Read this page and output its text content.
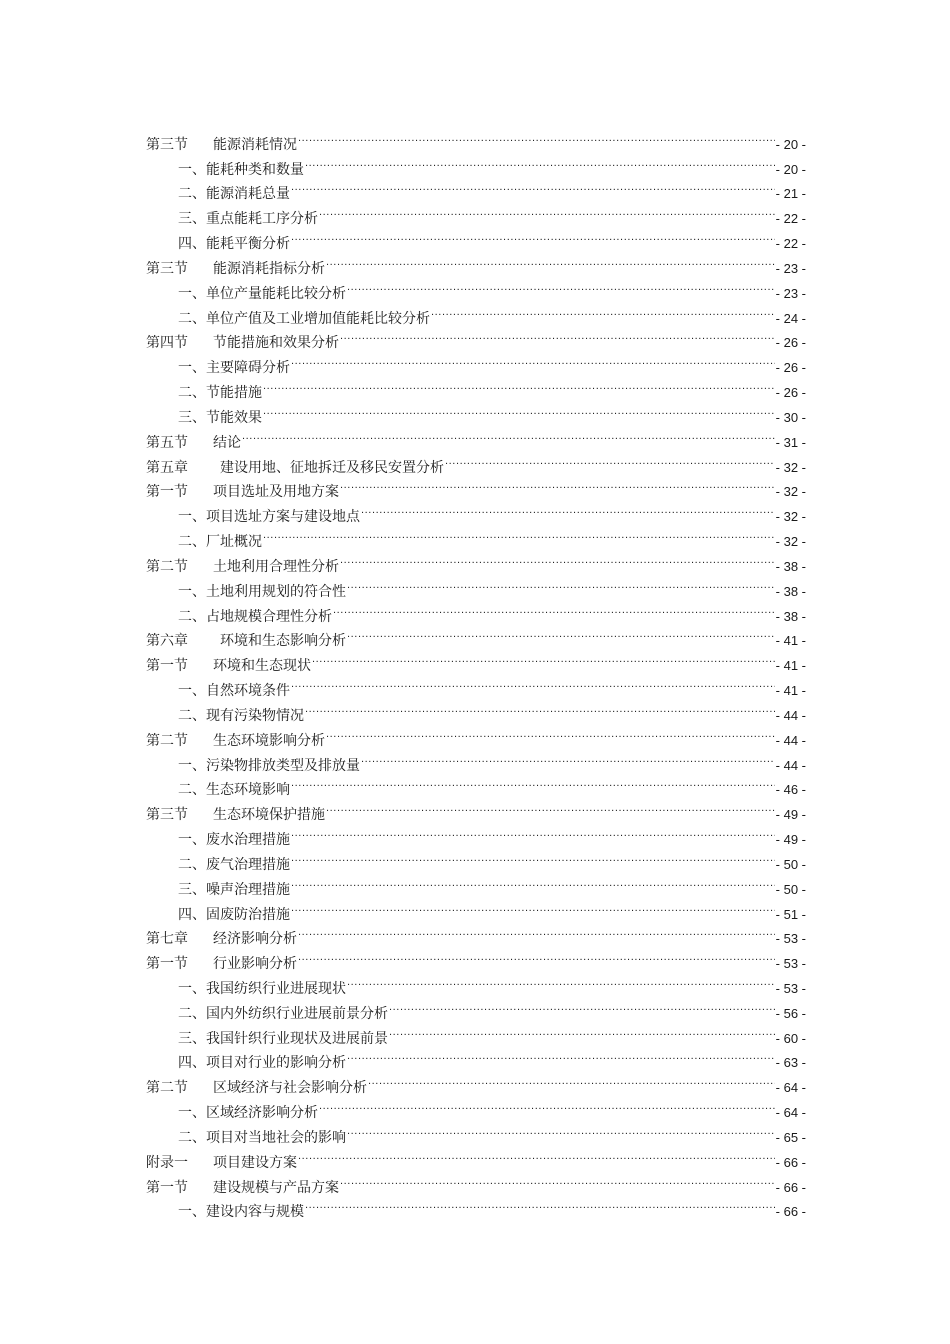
第三节	能源消耗情况 .....	- 20 -
一、能耗种类和数量 .....	- 20 -
二、能源消耗总量 .....	- 21 -
三、重点能耗工序分析 .....	- 22 -
四、能耗平衡分析 .....	- 22 -
第三节	能源消耗指标分析 .....	- 23 -
一、单位产量能耗比较分析 .....	- 23 -
二、单位产值及工业增加值能耗比较分析 .....	- 24 -
第四节	节能措施和效果分析 .....	- 26 -
一、主要障碍分析 .....	- 26 -
二、节能措施 .....	- 26 -
三、节能效果 .....	- 30 -
第五节	结论 .....	- 31 -
第五章	建设用地、征地拆迁及移民安置分析 .....	- 32 -
第一节	项目选址及用地方案 .....	- 32 -
一、项目选址方案与建设地点 .....	- 32 -
二、厂址概况 .....	- 32 -
第二节	土地利用合理性分析 .....	- 38 -
一、土地利用规划的符合性 .....	- 38 -
二、占地规模合理性分析 .....	- 38 -
第六章	环境和生态影响分析 .....	- 41 -
第一节	环境和生态现状 .....	- 41 -
一、自然环境条件 .....	- 41 -
二、现有污染物情况 .....	- 44 -
第二节	生态环境影响分析 .....	- 44 -
一、污染物排放类型及排放量 .....	- 44 -
二、生态环境影响 .....	- 46 -
第三节	生态环境保护措施 .....	- 49 -
一、废水治理措施 .....	- 49 -
二、废气治理措施 .....	- 50 -
三、噪声治理措施 .....	- 50 -
四、固废防治措施 .....	- 51 -
第七章	经济影响分析 .....	- 53 -
第一节	行业影响分析 .....	- 53 -
一、我国纺织行业进展现状 .....	- 53 -
二、国内外纺织行业进展前景分析 .....	- 56 -
三、我国针织行业现状及进展前景 .....	- 60 -
四、项目对行业的影响分析 .....	- 63 -
第二节	区域经济与社会影响分析 .....	- 64 -
一、区域经济影响分析 .....	- 64 -
二、项目对当地社会的影响 .....	- 65 -
附录一	项目建设方案 .....	- 66 -
第一节	建设规模与产品方案 .....	- 66 -
一、建设内容与规模 .....	- 66 -
